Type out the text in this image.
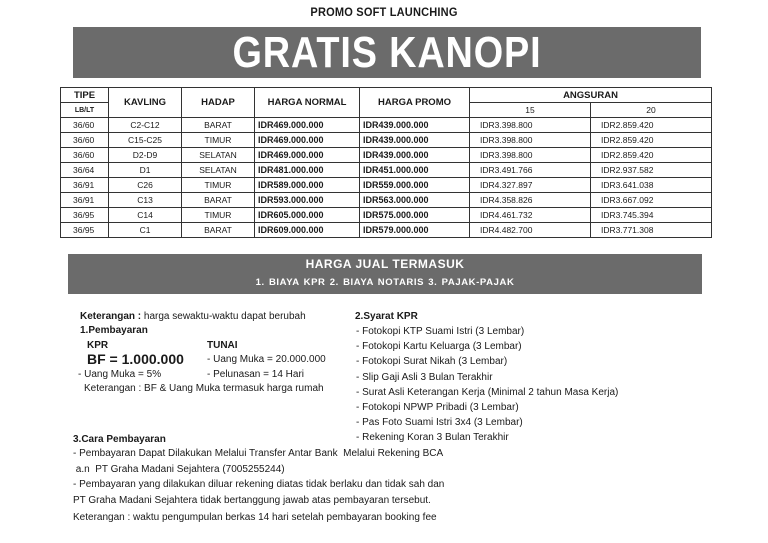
PROMO SOFT LAUNCHING
GRATIS KANOPI
TIPE	KAVLING	HADAP	HARGA NORMAL	HARGA PROMO	ANGSURAN	
LB/LT					15	20
36/60	C2-C12	BARAT	IDR469.000.000	IDR439.000.000	IDR3.398.800	IDR2.859.420
36/60	C15-C25	TIMUR	IDR469.000.000	IDR439.000.000	IDR3.398.800	IDR2.859.420
36/60	D2-D9	SELATAN	IDR469.000.000	IDR439.000.000	IDR3.398.800	IDR2.859.420
36/64	D1	SELATAN	IDR481.000.000	IDR451.000.000	IDR3.491.766	IDR2.937.582
36/91	C26	TIMUR	IDR589.000.000	IDR559.000.000	IDR4.327.897	IDR3.641.038
36/91	C13	BARAT	IDR593.000.000	IDR563.000.000	IDR4.358.826	IDR3.667.092
36/95	C14	TIMUR	IDR605.000.000	IDR575.000.000	IDR4.461.732	IDR3.745.394
36/95	C1	BARAT	IDR609.000.000	IDR579.000.000	IDR4.482.700	IDR3.771.308
HARGA JUAL TERMASUK
1. BIAYA KPR 2. BIAYA NOTARIS 3. PAJAK-PAJAK
Keterangan : harga sewaktu-waktu dapat berubah
1.Pembayaran
KPR	TUNAI
BF = 1.000.000 - Uang Muka = 20.000.000
- Uang Muka = 5%	- Pelunasan = 14 Hari
Keterangan : BF & Uang Muka termasuk harga rumah
2.Syarat KPR
- Fotokopi KTP Suami Istri (3 Lembar)
- Fotokopi Kartu Keluarga (3 Lembar)
- Fotokopi Surat Nikah (3 Lembar)
- Slip Gaji Asli 3 Bulan Terakhir
- Surat Asli Keterangan Kerja (Minimal 2 tahun Masa Kerja)
- Fotokopi NPWP Pribadi (3 Lembar)
- Pas Foto Suami Istri 3x4 (3 Lembar)
- Rekening Koran 3 Bulan Terakhir
3.Cara Pembayaran
- Pembayaran Dapat Dilakukan Melalui Transfer Antar Bank  Melalui Rekening BCA
a.n  PT Graha Madani Sejahtera (7005255244)
- Pembayaran yang dilakukan diluar rekening diatas tidak berlaku dan tidak sah dan
PT Graha Madani Sejahtera tidak bertanggung jawab atas pembayaran tersebut.
Keterangan : waktu pengumpulan berkas 14 hari setelah pembayaran booking fee
